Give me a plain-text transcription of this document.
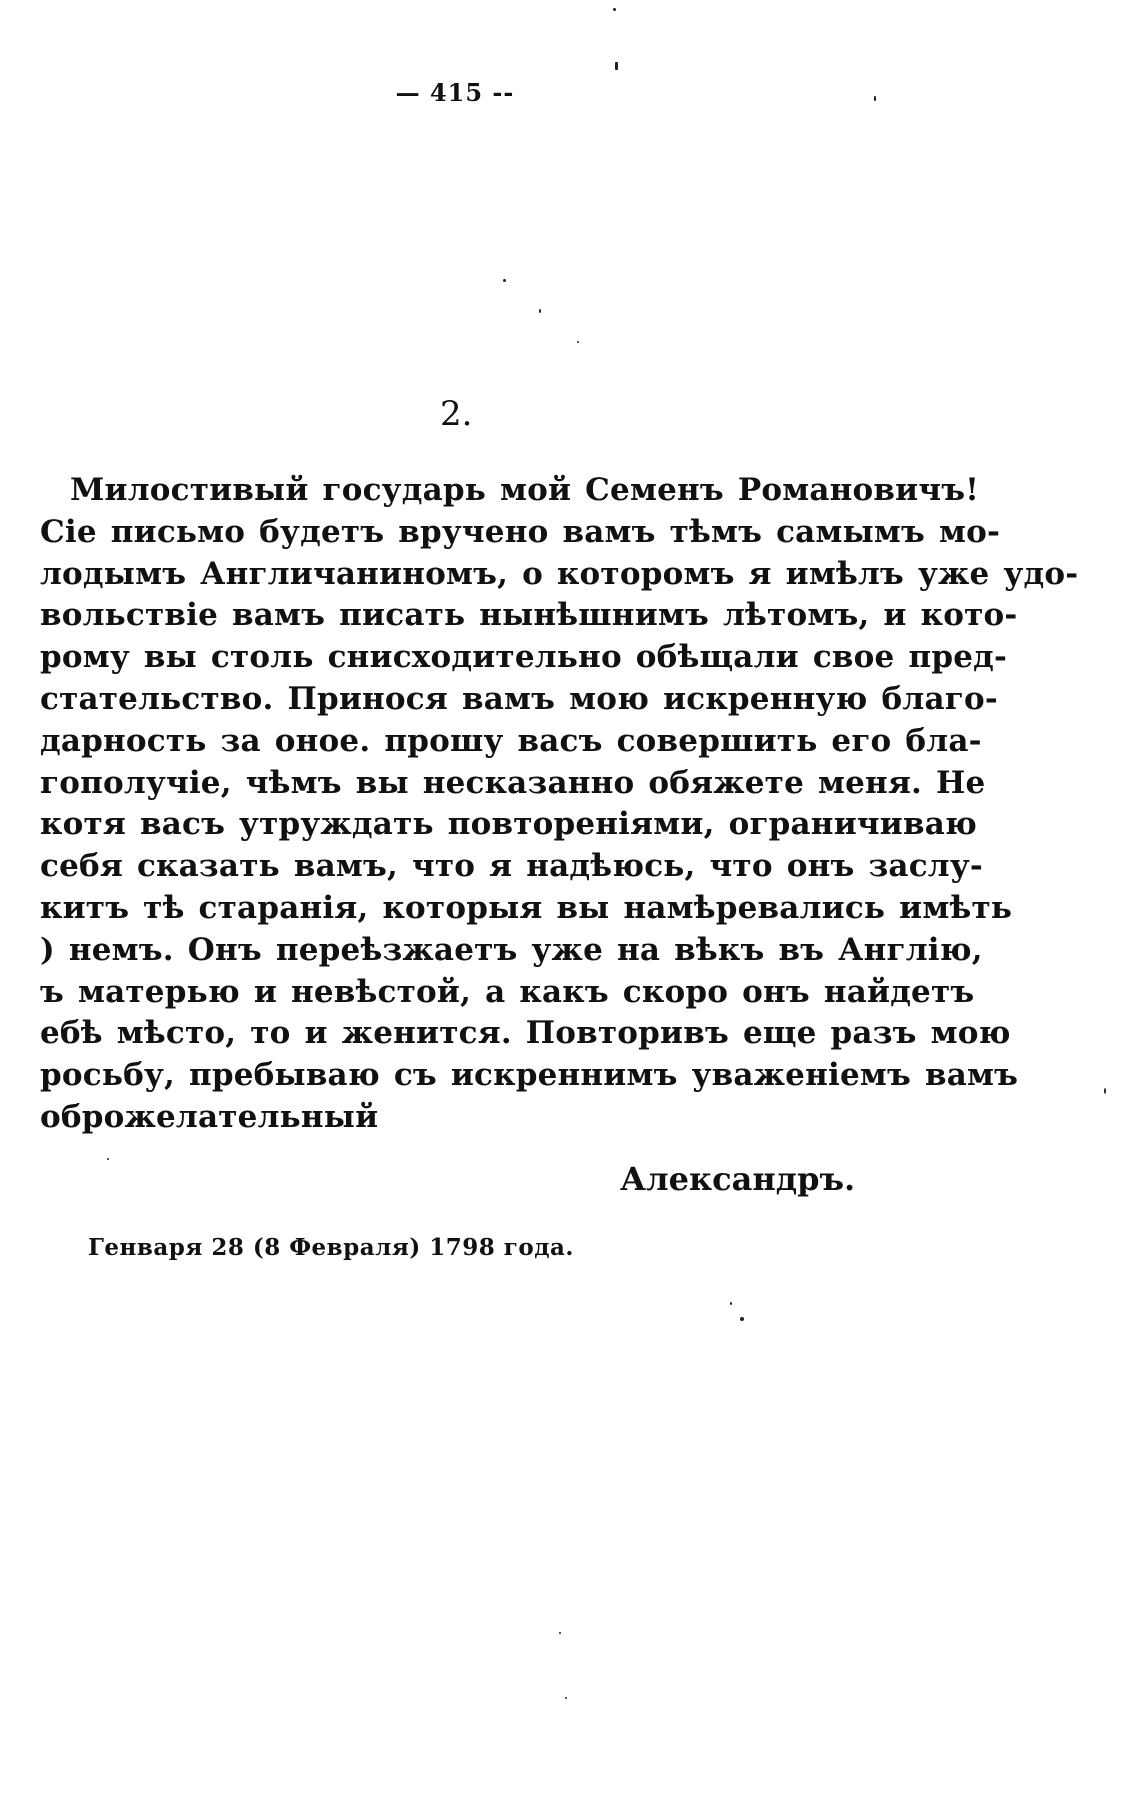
— 415 --
2.
Милостивый государь мой Семенъ Романовичъ!
Сіе письмо будетъ вручено вамъ тѣмъ самымъ мо-
лодымъ Англичаниномъ, о которомъ я имѣлъ уже удо-
вольствіе вамъ писать нынѣшнимъ лѣтомъ, и кото-
рому вы столь снисходительно обѣщали свое пред-
стательство. Принося вамъ мою искренную благо-
дарность за оное. прошу васъ совершить его бла-
гополучіе, чѣмъ вы несказанно обяжете меня. Не
котя васъ утруждать повтореніями, ограничиваю
себя сказать вамъ, что я надѣюсь, что онъ заслу-
китъ тѣ старанія, которыя вы намѣревались имѣть
) немъ. Онъ переѣзжаетъ уже на вѣкъ въ Англію,
ъ матерью и невѣстой, а какъ скоро онъ найдетъ
ебѣ мѣсто, то и женится. Повторивъ еще разъ мою
росьбу, пребываю съ искреннимъ уваженіемъ вамъ
оброжелательный
Александръ.
Генваря 28 (8 Февраля) 1798 года.
